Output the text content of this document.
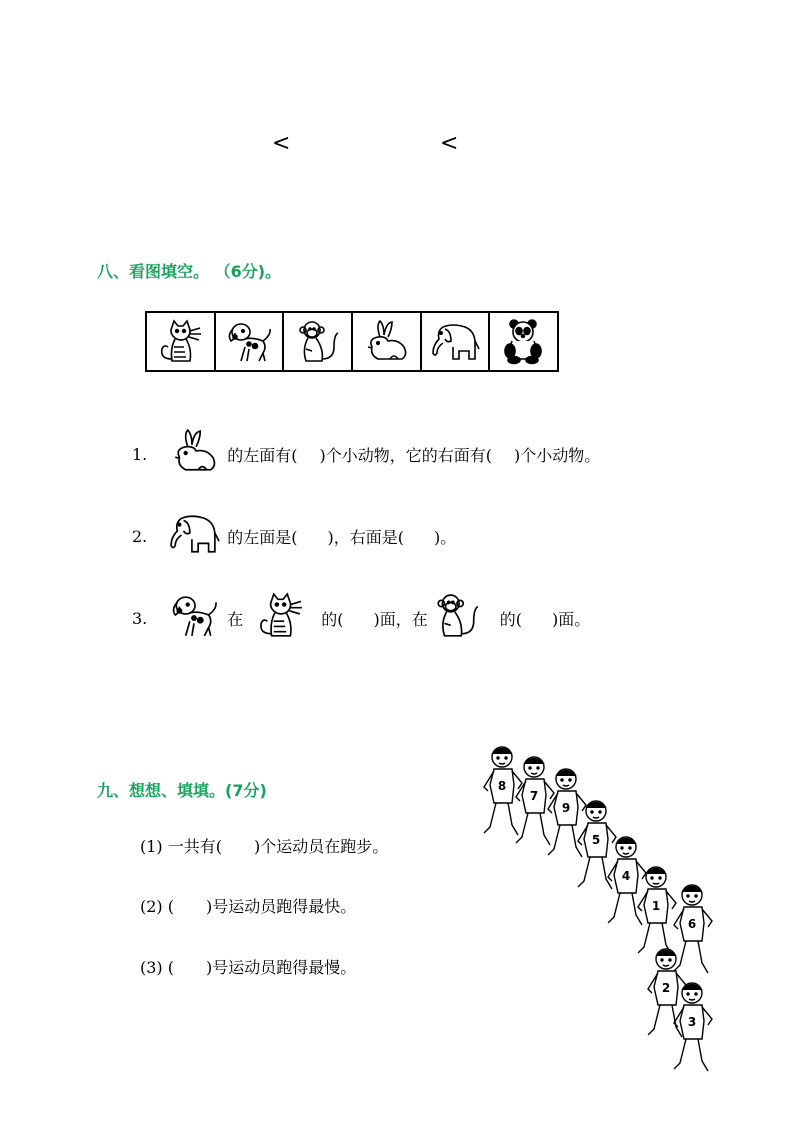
<	<
八、看图填空。 （6分)。
1.	的左面有( )个小动物，它的右面有( )个小动物。
2.	的左面是( )，右面是( )。
3.	在	的( )面，在	的( )面。
九、想想、填填。(7分)
(1) 一共有(　　)个运动员在跑步。
(2) (　　)号运动员跑得最快。
(3) (　　)号运动员跑得最慢。
8
7
9
5
4
1
6
2
3
